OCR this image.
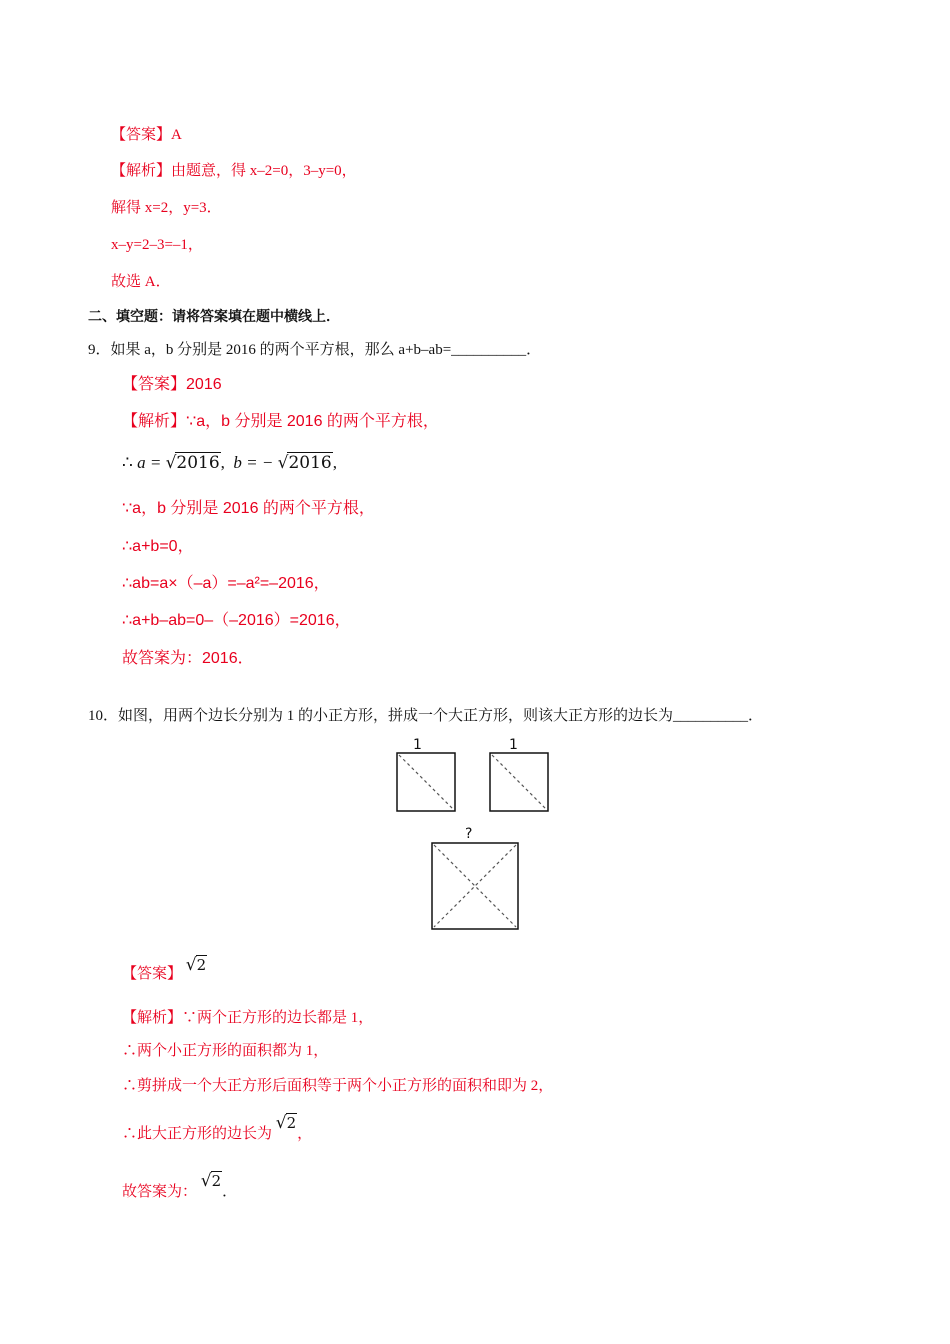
【答案】A
【解析】由题意，得 x–2=0，3–y=0，
解得 x=2，y=3．
x–y=2–3=–1，
故选 A．
二、填空题：请将答案填在题中横线上．
9．如果 a，b 分别是 2016 的两个平方根，那么 a+b–ab=__________．
【答案】2016
【解析】∵a，b 分别是 2016 的两个平方根，
∴ a = √2016, b = − √2016,
∵a，b 分别是 2016 的两个平方根，
∴a+b=0，
∴ab=a×（–a）=–a²=–2016，
∴a+b–ab=0–（–2016）=2016，
故答案为：2016．
10．如图，用两个边长分别为 1 的小正方形，拼成一个大正方形，则该大正方形的边长为__________．
1	1
?
【答案】 √2
【解析】∵两个正方形的边长都是 1，
∴两个小正方形的面积都为 1，
∴剪拼成一个大正方形后面积等于两个小正方形的面积和即为 2，
∴此大正方形的边长为 √2，
故答案为： √2．
